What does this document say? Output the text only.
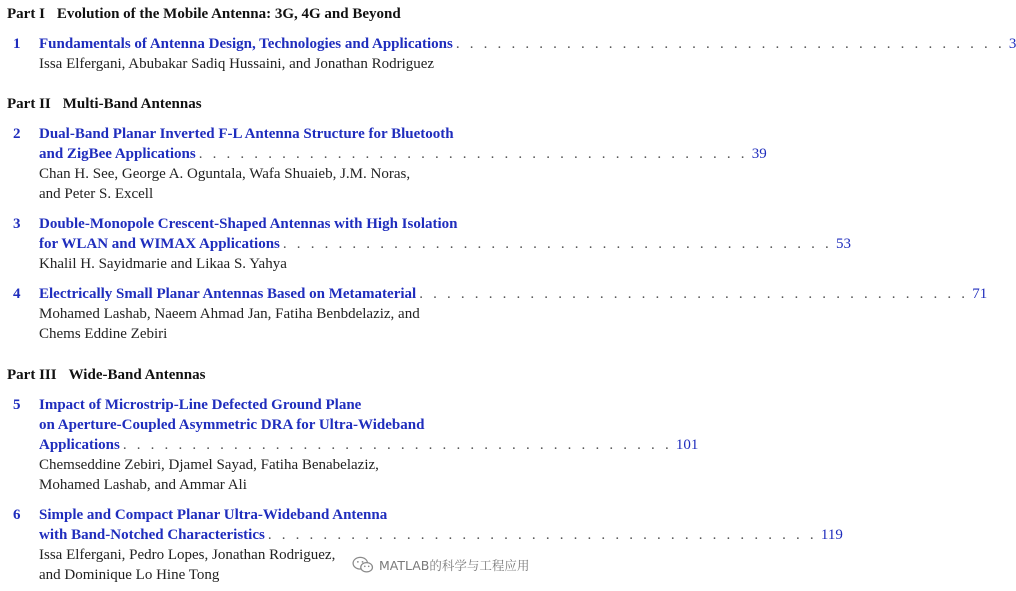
Part I Evolution of the Mobile Antenna: 3G, 4G and Beyond
1 Fundamentals of Antenna Design, Technologies and Applications . . . . . . . . . . . . . . . . . . . . . . . . . . . . . . . . . . . . . . . . 3
Issa Elfergani, Abubakar Sadiq Hussaini, and Jonathan Rodriguez
Part II Multi-Band Antennas
2 Dual-Band Planar Inverted F-L Antenna Structure for Bluetooth
and ZigBee Applications . . . . . . . . . . . . . . . . . . . . . . . . . . . . . . . . . . . . . . . . 39
Chan H. See, George A. Oguntala, Wafa Shuaieb, J.M. Noras,
and Peter S. Excell
3 Double-Monopole Crescent-Shaped Antennas with High Isolation
for WLAN and WIMAX Applications . . . . . . . . . . . . . . . . . . . . . . . . . . . . . . . . . . . . . . . . 53
Khalil H. Sayidmarie and Likaa S. Yahya
4 Electrically Small Planar Antennas Based on Metamaterial . . . . . . . . . . . . . . . . . . . . . . . . . . . . . . . . . . . . . . . . 71
Mohamed Lashab, Naeem Ahmad Jan, Fatiha Benbdelaziz, and
Chems Eddine Zebiri
Part III Wide-Band Antennas
5 Impact of Microstrip-Line Defected Ground Plane
on Aperture-Coupled Asymmetric DRA for Ultra-Wideband
Applications . . . . . . . . . . . . . . . . . . . . . . . . . . . . . . . . . . . . . . . . 101
Chemseddine Zebiri, Djamel Sayad, Fatiha Benabelaziz,
Mohamed Lashab, and Ammar Ali
6 Simple and Compact Planar Ultra-Wideband Antenna
with Band-Notched Characteristics . . . . . . . . . . . . . . . . . . . . . . . . . . . . . . . . . . . . . . . . 119
Issa Elfergani, Pedro Lopes, Jonathan Rodriguez,
and Dominique Lo Hine Tong
MATLAB的科学与工程应用
